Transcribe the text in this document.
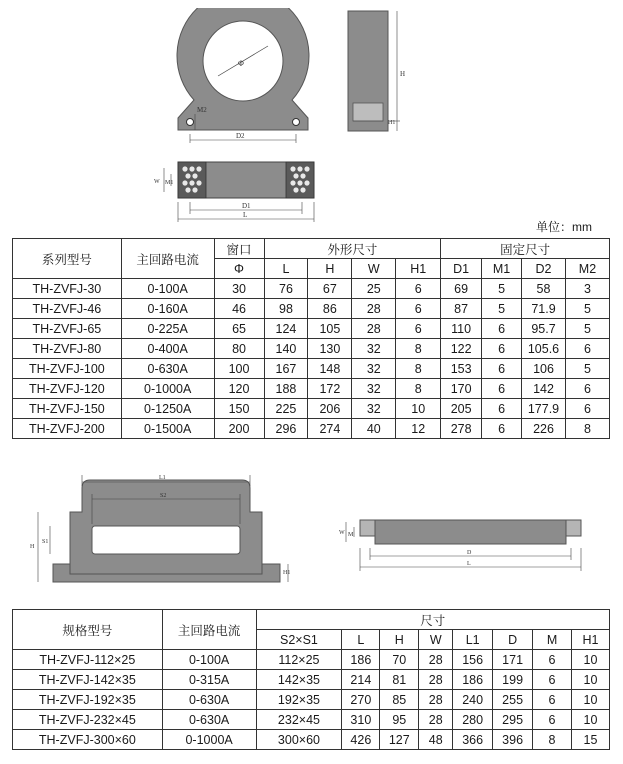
Φ
M2
D2
H
H1
W M1
D1
L
单位：mm
系列型号	主回路电流	窗口	外形尺寸				固定尺寸			
		Φ	L	H	W	H1	D1	M1	D2	M2
TH-ZVFJ-30	0-100A	30	76	67	25	6	69	5	58	3
TH-ZVFJ-46	0-160A	46	98	86	28	6	87	5	71.9	5
TH-ZVFJ-65	0-225A	65	124	105	28	6	110	6	95.7	5
TH-ZVFJ-80	0-400A	80	140	130	32	8	122	6	105.6	6
TH-ZVFJ-100	0-630A	100	167	148	32	8	153	6	106	5
TH-ZVFJ-120	0-1000A	120	188	172	32	8	170	6	142	6
TH-ZVFJ-150	0-1250A	150	225	206	32	10	205	6	177.9	6
TH-ZVFJ-200	0-1500A	200	296	274	40	12	278	6	226	8
L1
S2
H
S1
H1
W M
D
L
规格型号	主回路电流	尺寸							
		S2×S1	L	H	W	L1	D	M	H1
TH-ZVFJ-112×25	0-100A	112×25	186	70	28	156	171	6	10
TH-ZVFJ-142×35	0-315A	142×35	214	81	28	186	199	6	10
TH-ZVFJ-192×35	0-630A	192×35	270	85	28	240	255	6	10
TH-ZVFJ-232×45	0-630A	232×45	310	95	28	280	295	6	10
TH-ZVFJ-300×60	0-1000A	300×60	426	127	48	366	396	8	15
